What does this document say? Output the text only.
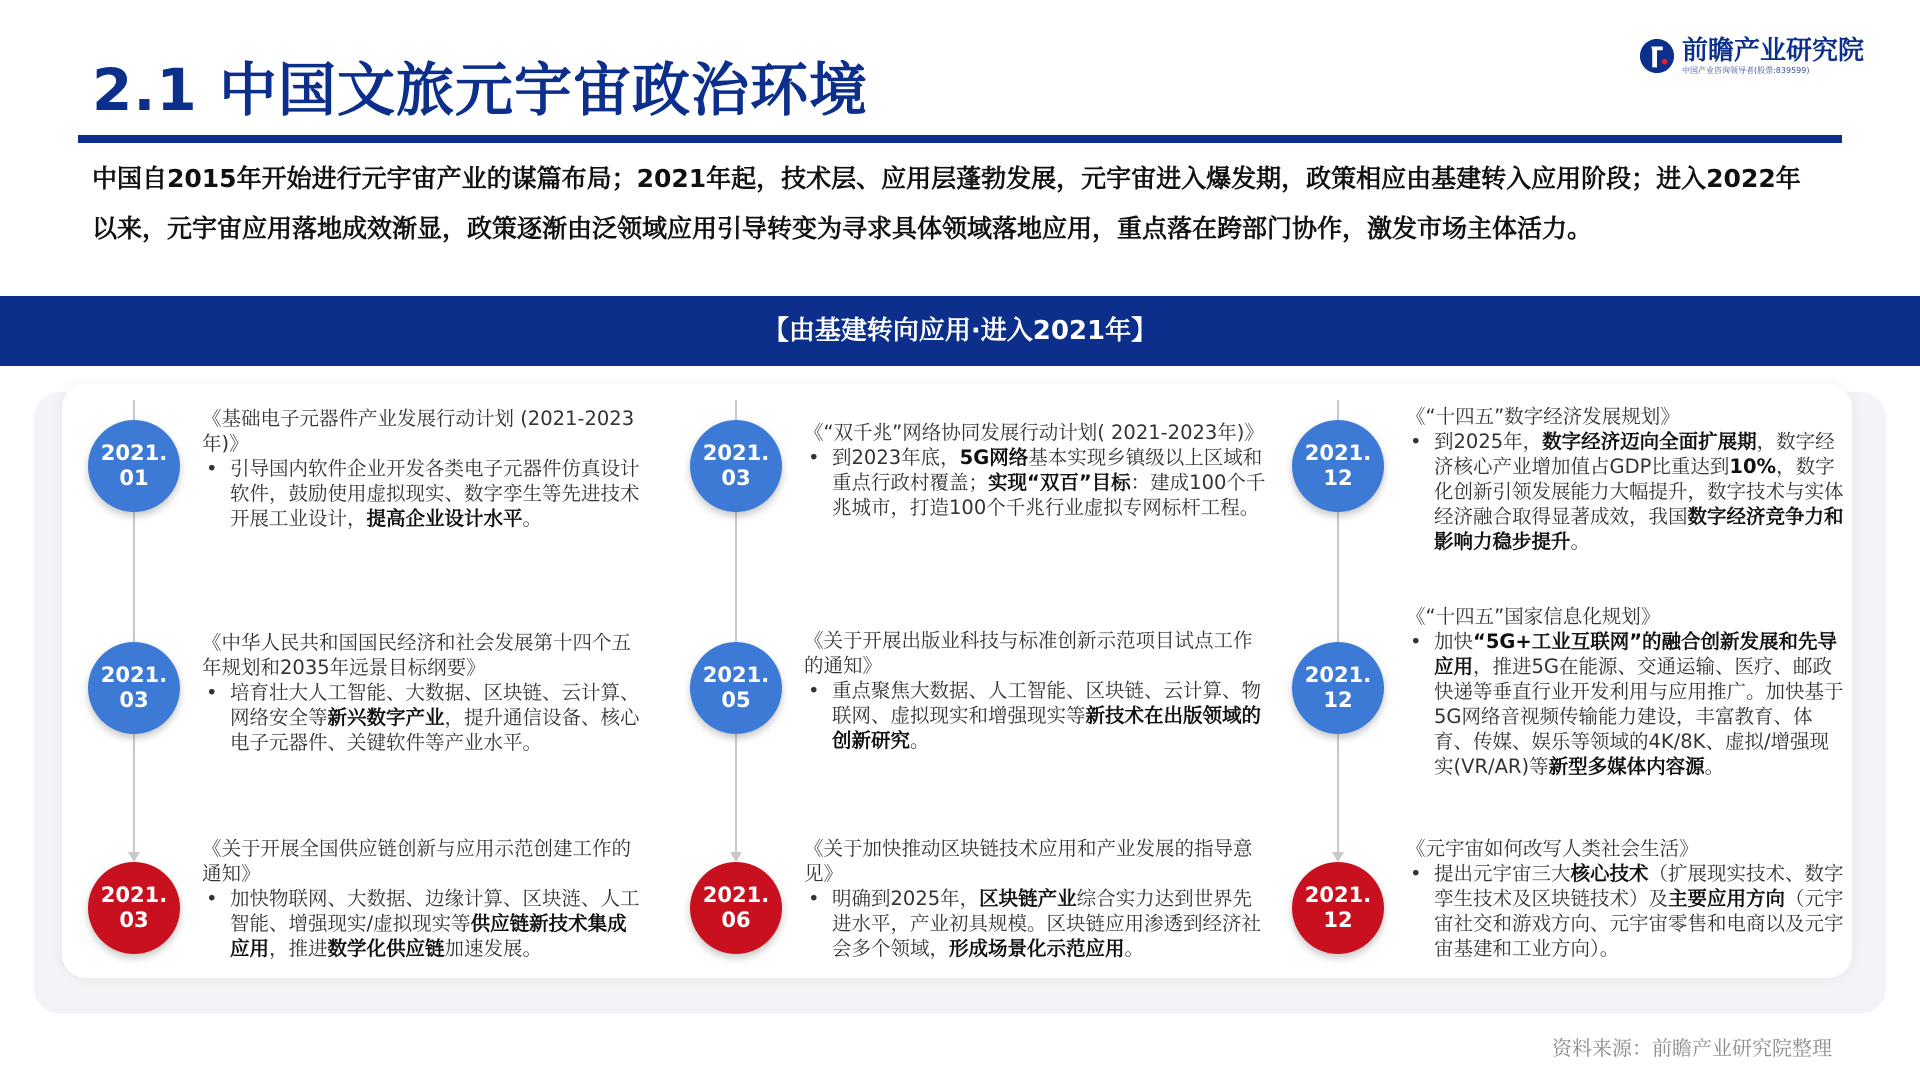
2.1 中国文旅元宇宙政治环境
前瞻产业研究院
中国产业咨询领导者(股票:839599)
中国自2015年开始进行元宇宙产业的谋篇布局；2021年起，技术层、应用层蓬勃发展，元宇宙进入爆发期，政策相应由基建转入应用阶段；进入2022年以来，元宇宙应用落地成效渐显，政策逐渐由泛领域应用引导转变为寻求具体领域落地应用，重点落在跨部门协作，激发市场主体活力。
【由基建转向应用·进入2021年】
2021.
01
《基础电子元器件产业发展行动计划 (2021-2023年)》
• 引导国内软件企业开发各类电子元器件仿真设计软件，鼓励使用虚拟现实、数字孪生等先进技术开展工业设计，提高企业设计水平。
2021.
03
《中华人民共和国国民经济和社会发展第十四个五年规划和2035年远景目标纲要》
• 培育壮大人工智能、大数据、区块链、云计算、网络安全等新兴数字产业，提升通信设备、核心电子元器件、关键软件等产业水平。
2021.
03
《关于开展全国供应链创新与应用示范创建工作的通知》
• 加快物联网、大数据、边缘计算、区块涟、人工智能、增强现实/虚拟现实等供应链新技术集成应用，推进数学化供应链加速发展。
2021.
03
《“双千兆”网络协同发展行动计划( 2021-2023年)》
• 到2023年底，5G网络基本实现乡镇级以上区域和重点行政村覆盖；实现“双百”目标：建成100个千兆城市，打造100个千兆行业虚拟专网标杆工程。
2021.
05
《关于开展出版业科技与标准创新示范项目试点工作的通知》
• 重点聚焦大数据、人工智能、区块链、云计算、物联网、虚拟现实和增强现实等新技术在出版领域的创新研究。
2021.
06
《关于加快推动区块链技术应用和产业发展的指导意见》
• 明确到2025年，区块链产业综合实力达到世界先进水平，产业初具规模。区块链应用渗透到经济社会多个领域，形成场景化示范应用。
2021.
12
《“十四五”数字经济发展规划》
• 到2025年，数字经济迈向全面扩展期，数字经济核心产业增加值占GDP比重达到10%，数字化创新引领发展能力大幅提升，数字技术与实体经济融合取得显著成效，我国数字经济竞争力和影响力稳步提升。
2021.
12
《“十四五”国家信息化规划》
• 加快“5G+工业互联网”的融合创新发展和先导应用，推进5G在能源、交通运输、医疗、邮政快递等垂直行业开发利用与应用推广。加快基于5G网络音视频传输能力建设，丰富教育、体育、传媒、娱乐等领域的4K/8K、虚拟/增强现实(VR/AR)等新型多媒体内容源。
2021.
12
《元宇宙如何改写人类社会生活》
• 提出元宇宙三大核心技术（扩展现实技术、数字孪生技术及区块链技术）及主要应用方向（元宇宙社交和游戏方向、元宇宙零售和电商以及元宇宙基建和工业方向）。
资料来源：前瞻产业研究院整理
